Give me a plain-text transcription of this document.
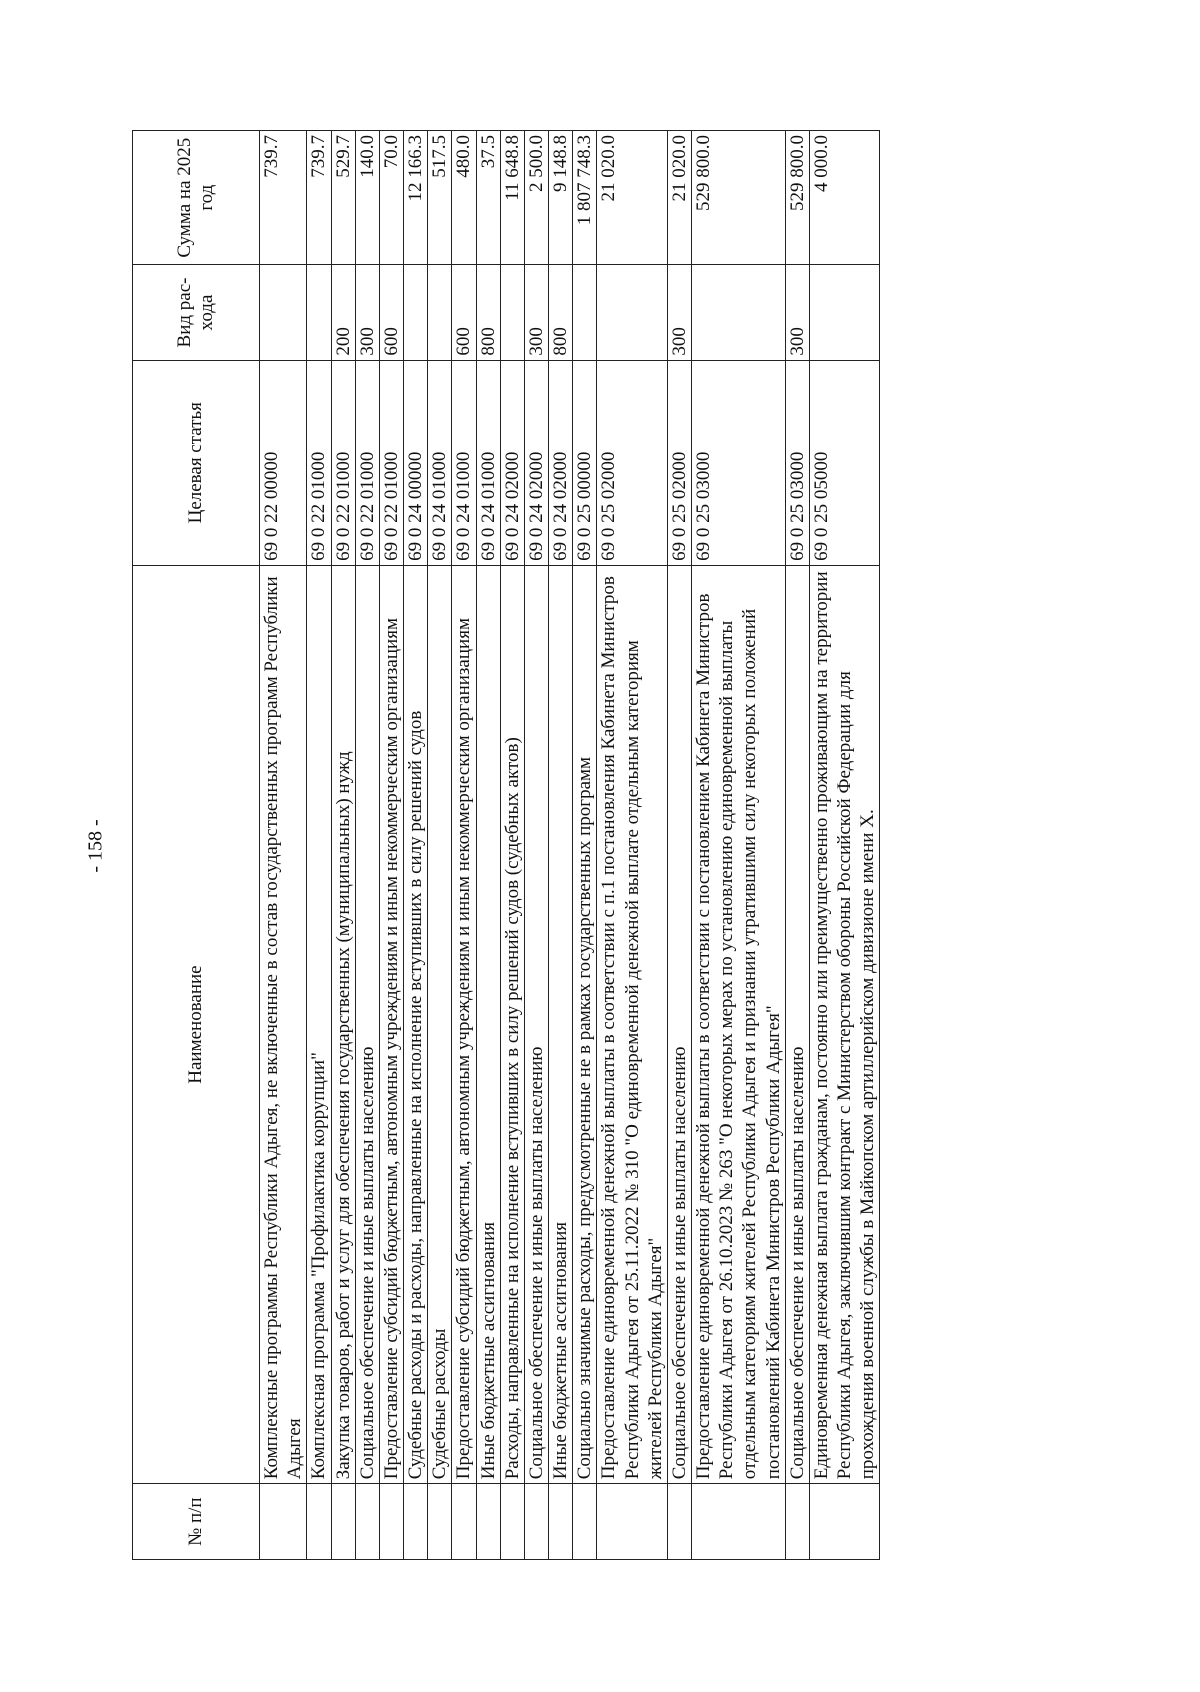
- 158 -
№ п/п	Наименование	Целевая статья	Вид рас-хода	Сумма на 2025 год
	Комплексные программы Республики Адыгея, не включенные в состав государственных программ Республики Адыгея	69 0 22 00000		739.7
	Комплексная программа "Профилактика коррупции"	69 0 22 01000		739.7
	Закупка товаров, работ и услуг для обеспечения государственных (муниципальных) нужд	69 0 22 01000	200	529.7
	Социальное обеспечение и иные выплаты населению	69 0 22 01000	300	140.0
	Предоставление субсидий бюджетным, автономным учреждениям и иным некоммерческим организациям	69 0 22 01000	600	70.0
	Судебные расходы и расходы, направленные на исполнение вступивших в силу решений судов	69 0 24 00000		12 166.3
	Судебные расходы	69 0 24 01000		517.5
	Предоставление субсидий бюджетным, автономным учреждениям и иным некоммерческим организациям	69 0 24 01000	600	480.0
	Иные бюджетные ассигнования	69 0 24 01000	800	37.5
	Расходы, направленные на исполнение вступивших в силу решений судов (судебных актов)	69 0 24 02000		11 648.8
	Социальное обеспечение и иные выплаты населению	69 0 24 02000	300	2 500.0
	Иные бюджетные ассигнования	69 0 24 02000	800	9 148.8
	Социально значимые расходы, предусмотренные не в рамках государственных программ	69 0 25 00000		1 807 748.3
	Предоставление единовременной денежной выплаты в соответствии с п.1 постановления Кабинета Министров Республики Адыгея от 25.11.2022 № 310 "О единовременной денежной выплате отдельным категориям жителей Республики Адыгея"	69 0 25 02000		21 020.0
	Социальное обеспечение и иные выплаты населению	69 0 25 02000	300	21 020.0
	Предоставление единовременной денежной выплаты в соответствии с постановлением Кабинета Министров Республики Адыгея от 26.10.2023 № 263 "О некоторых мерах по установлению единовременной выплаты отдельным категориям жителей Республики Адыгея и признании утратившими силу некоторых положений постановлений Кабинета Министров Республики Адыгея"	69 0 25 03000		529 800.0
	Социальное обеспечение и иные выплаты населению	69 0 25 03000	300	529 800.0
	Единовременная денежная выплата гражданам, постоянно или преимущественно проживающим на территории Республики Адыгея, заключившим контракт с Министерством обороны Российской Федерации для прохождения военной службы в Майкопском артиллерийском дивизионе имени Х.	69 0 25 05000		4 000.0
